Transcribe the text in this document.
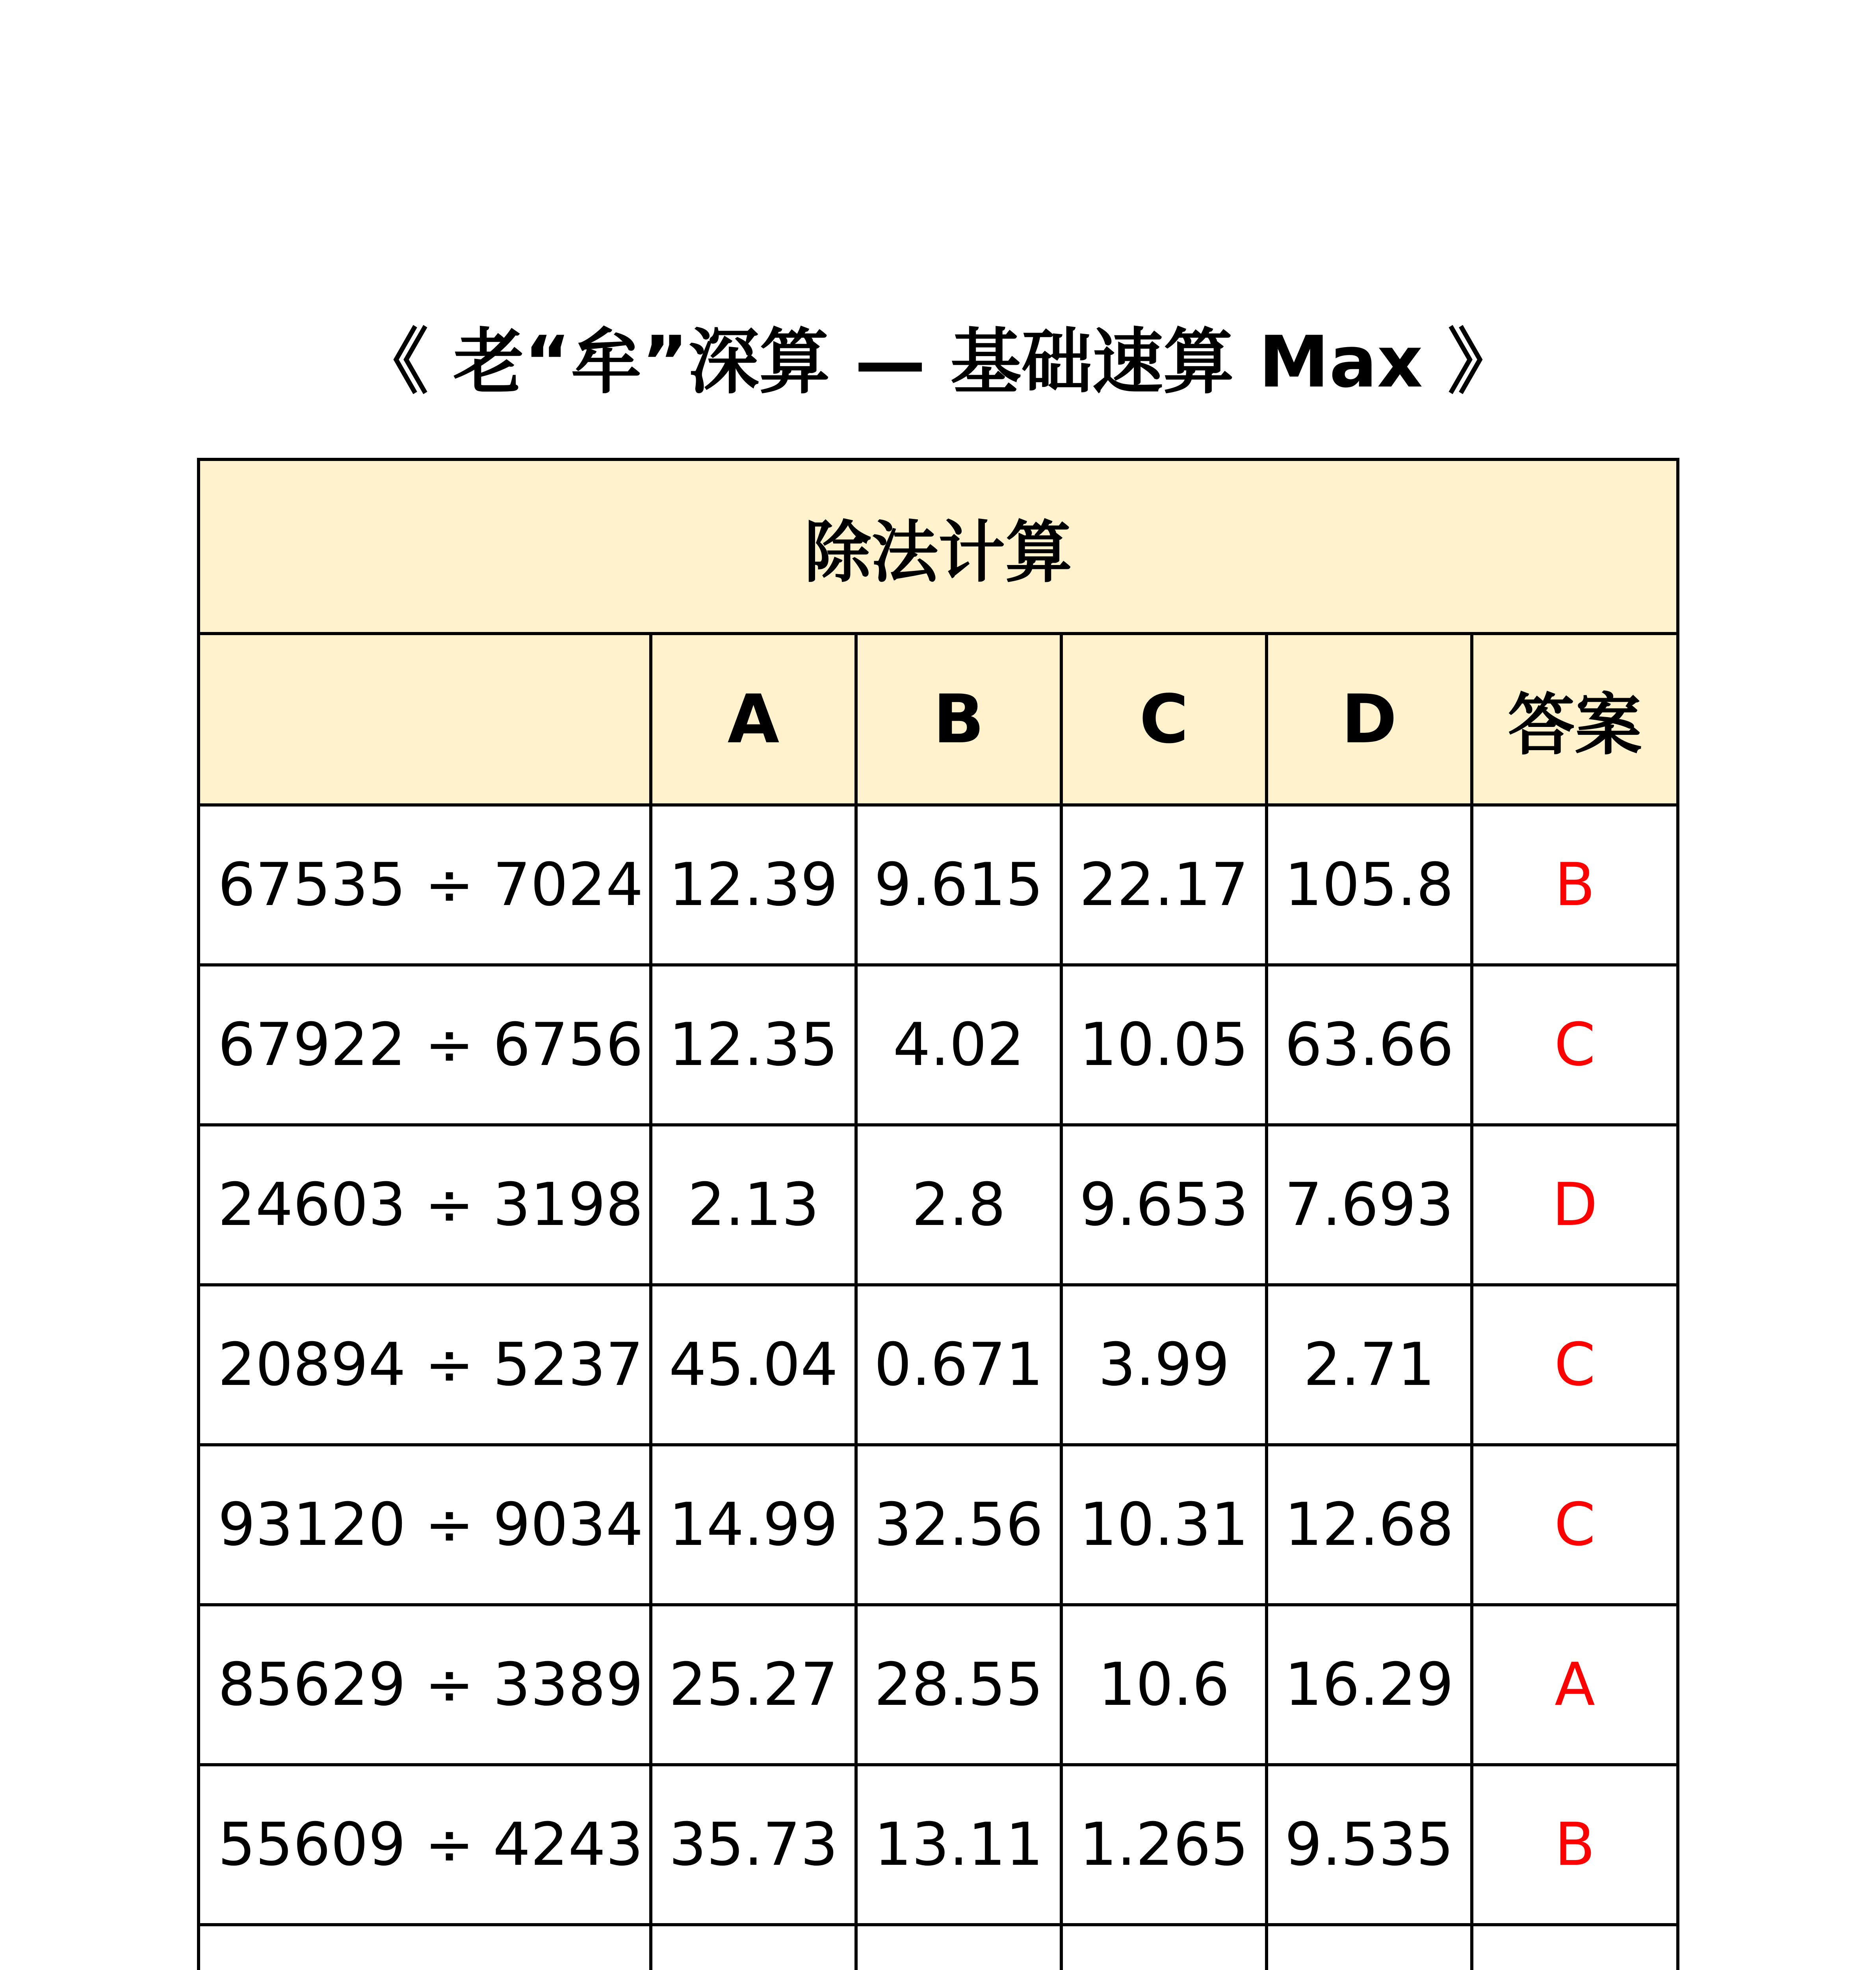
《 老“牟”深算 — 基础速算 Max 》
除法计算					
	A	B	C	D	答案
67535 ÷ 7024	12.39	9.615	22.17	105.8	B
67922 ÷ 6756	12.35	4.02	10.05	63.66	C
24603 ÷ 3198	2.13	2.8	9.653	7.693	D
20894 ÷ 5237	45.04	0.671	3.99	2.71	C
93120 ÷ 9034	14.99	32.56	10.31	12.68	C
85629 ÷ 3389	25.27	28.55	10.6	16.29	A
55609 ÷ 4243	35.73	13.11	1.265	9.535	B
